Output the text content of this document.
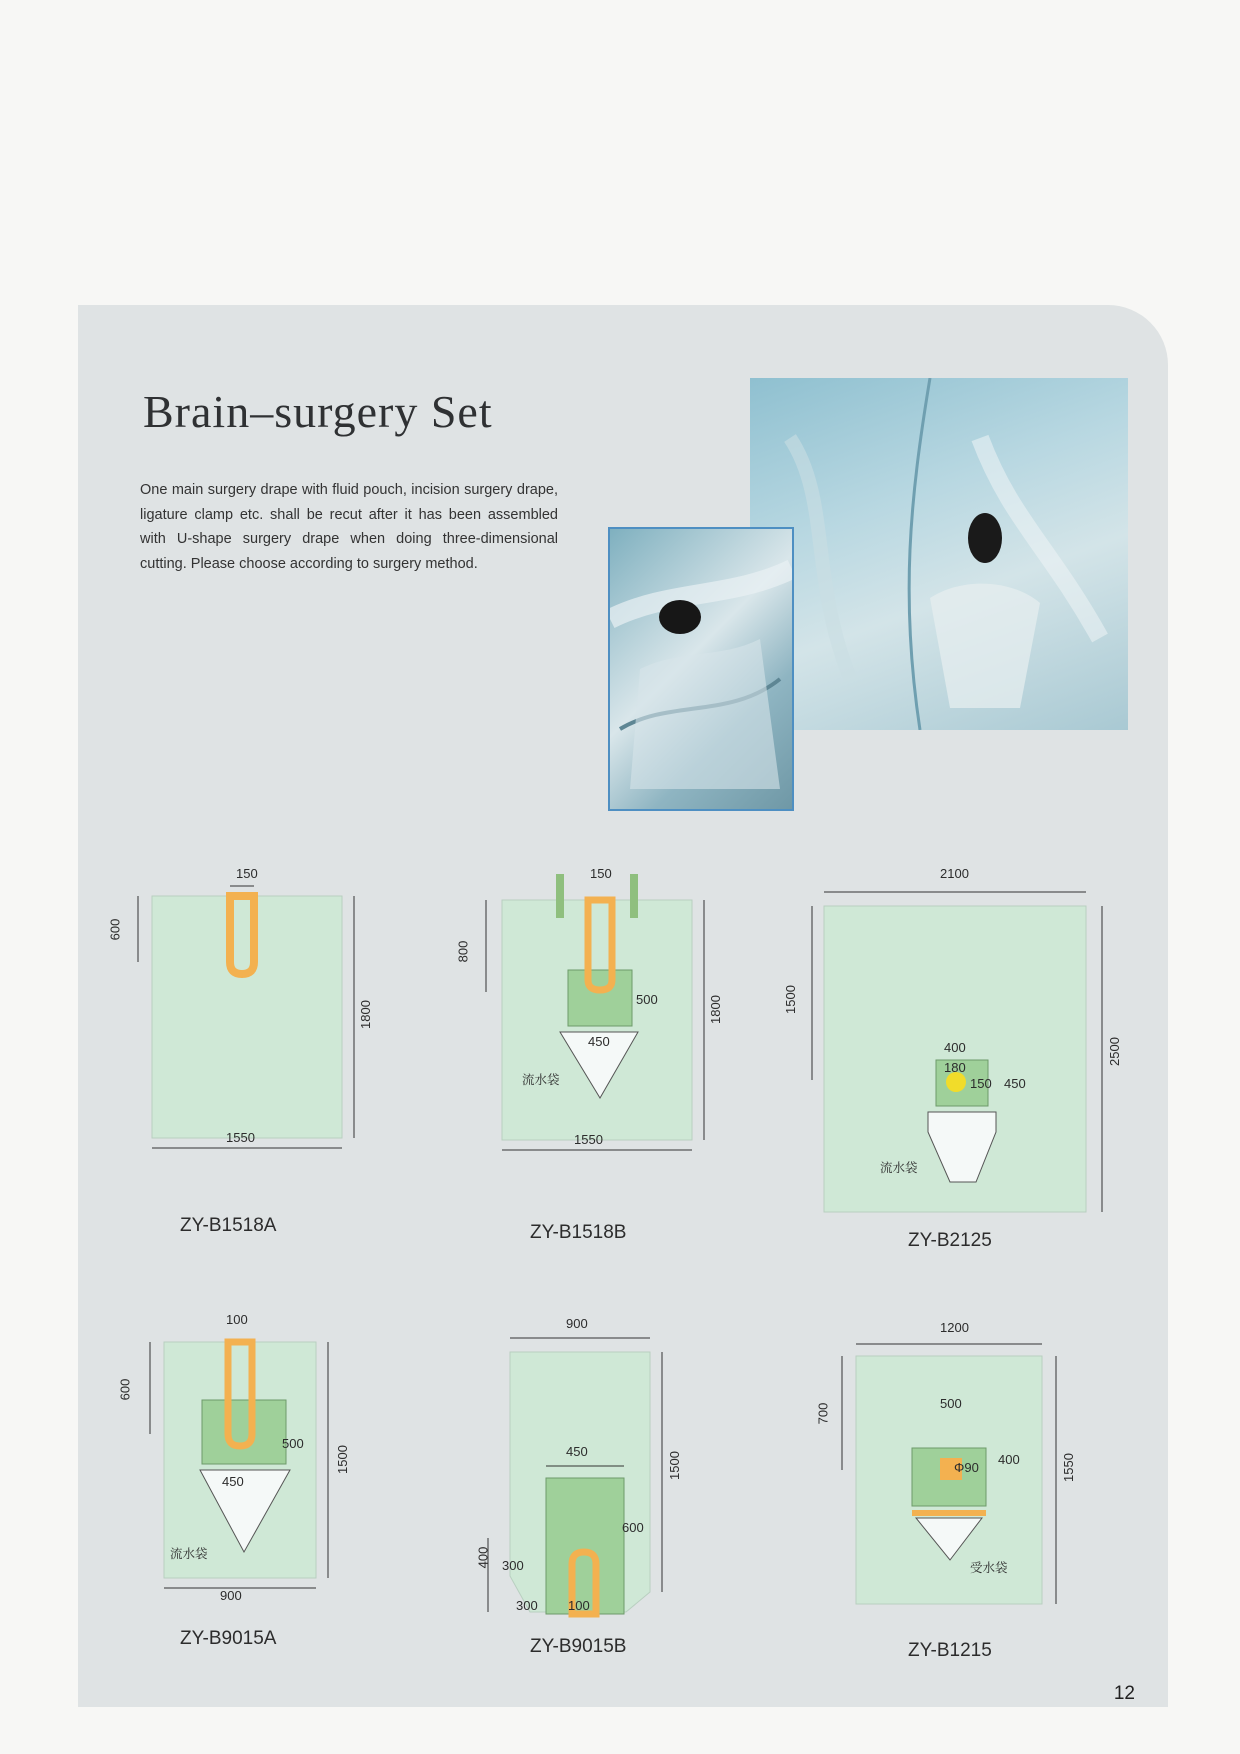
Brain–surgery Set

One main surgery drape with fluid pouch, incision surgery drape, ligature clamp etc. shall be recut after it has been assembled with U-shape surgery drape when doing three-dimensional cutting. Please choose according to surgery method.

150
600
1800
1550
ZY-B1518A
150
800
500
450
1800
1550
流水袋
ZY-B1518B
2100
1500
2500
400
180
150 450
流水袋
ZY-B2125
100
600
500
450
1500
900
流水袋
ZY-B9015A
900
450	1500
600
400 300
300 100
ZY-B9015B
1200
700	500
400
Φ90	1550
受水袋
ZY-B1215
12
